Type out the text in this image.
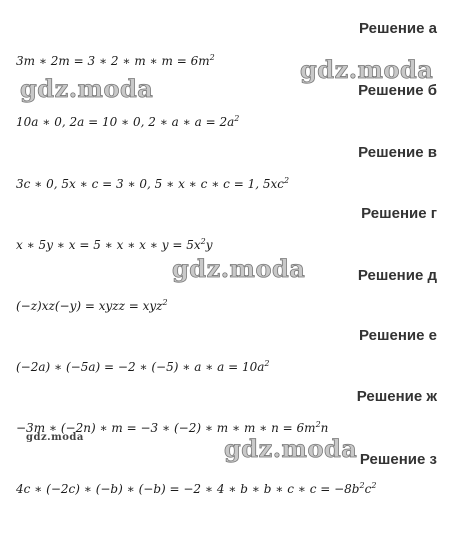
Решение а
3m ∗ 2m = 3 ∗ 2 ∗ m ∗ $m = 6m^2$
Решение б
10a ∗ 0, 2a = 10 ∗ 0, 2 ∗ a ∗ $a = 2a^2$
Решение в
3c ∗ 0, 5x ∗ c = 3 ∗ 0, 5 ∗ x ∗ c ∗ c = 1, $5xc^2$
Решение г
x ∗ 5y ∗ x = 5 ∗ x ∗ x ∗ $y = 5x^2y$
Решение д
(−z)xz(−y) = xyzz = xyz$^2$
Решение е
(−2a) ∗ (−5a) = −2 ∗ (−5) ∗ a ∗ $a = 10a^2$
Решение ж
−3m ∗ (−2n) ∗ m = −3 ∗ (−2) ∗ m ∗ m ∗ $n = 6m^2n$
Решение з
4c ∗ (−2c) ∗ (−b) ∗ (−b) = −2 ∗ 4 ∗ b ∗ b ∗ c ∗ $c = -8b^2c^2$
gdz.moda
gdz.moda
gdz.moda
gdz.moda	gdz.moda
